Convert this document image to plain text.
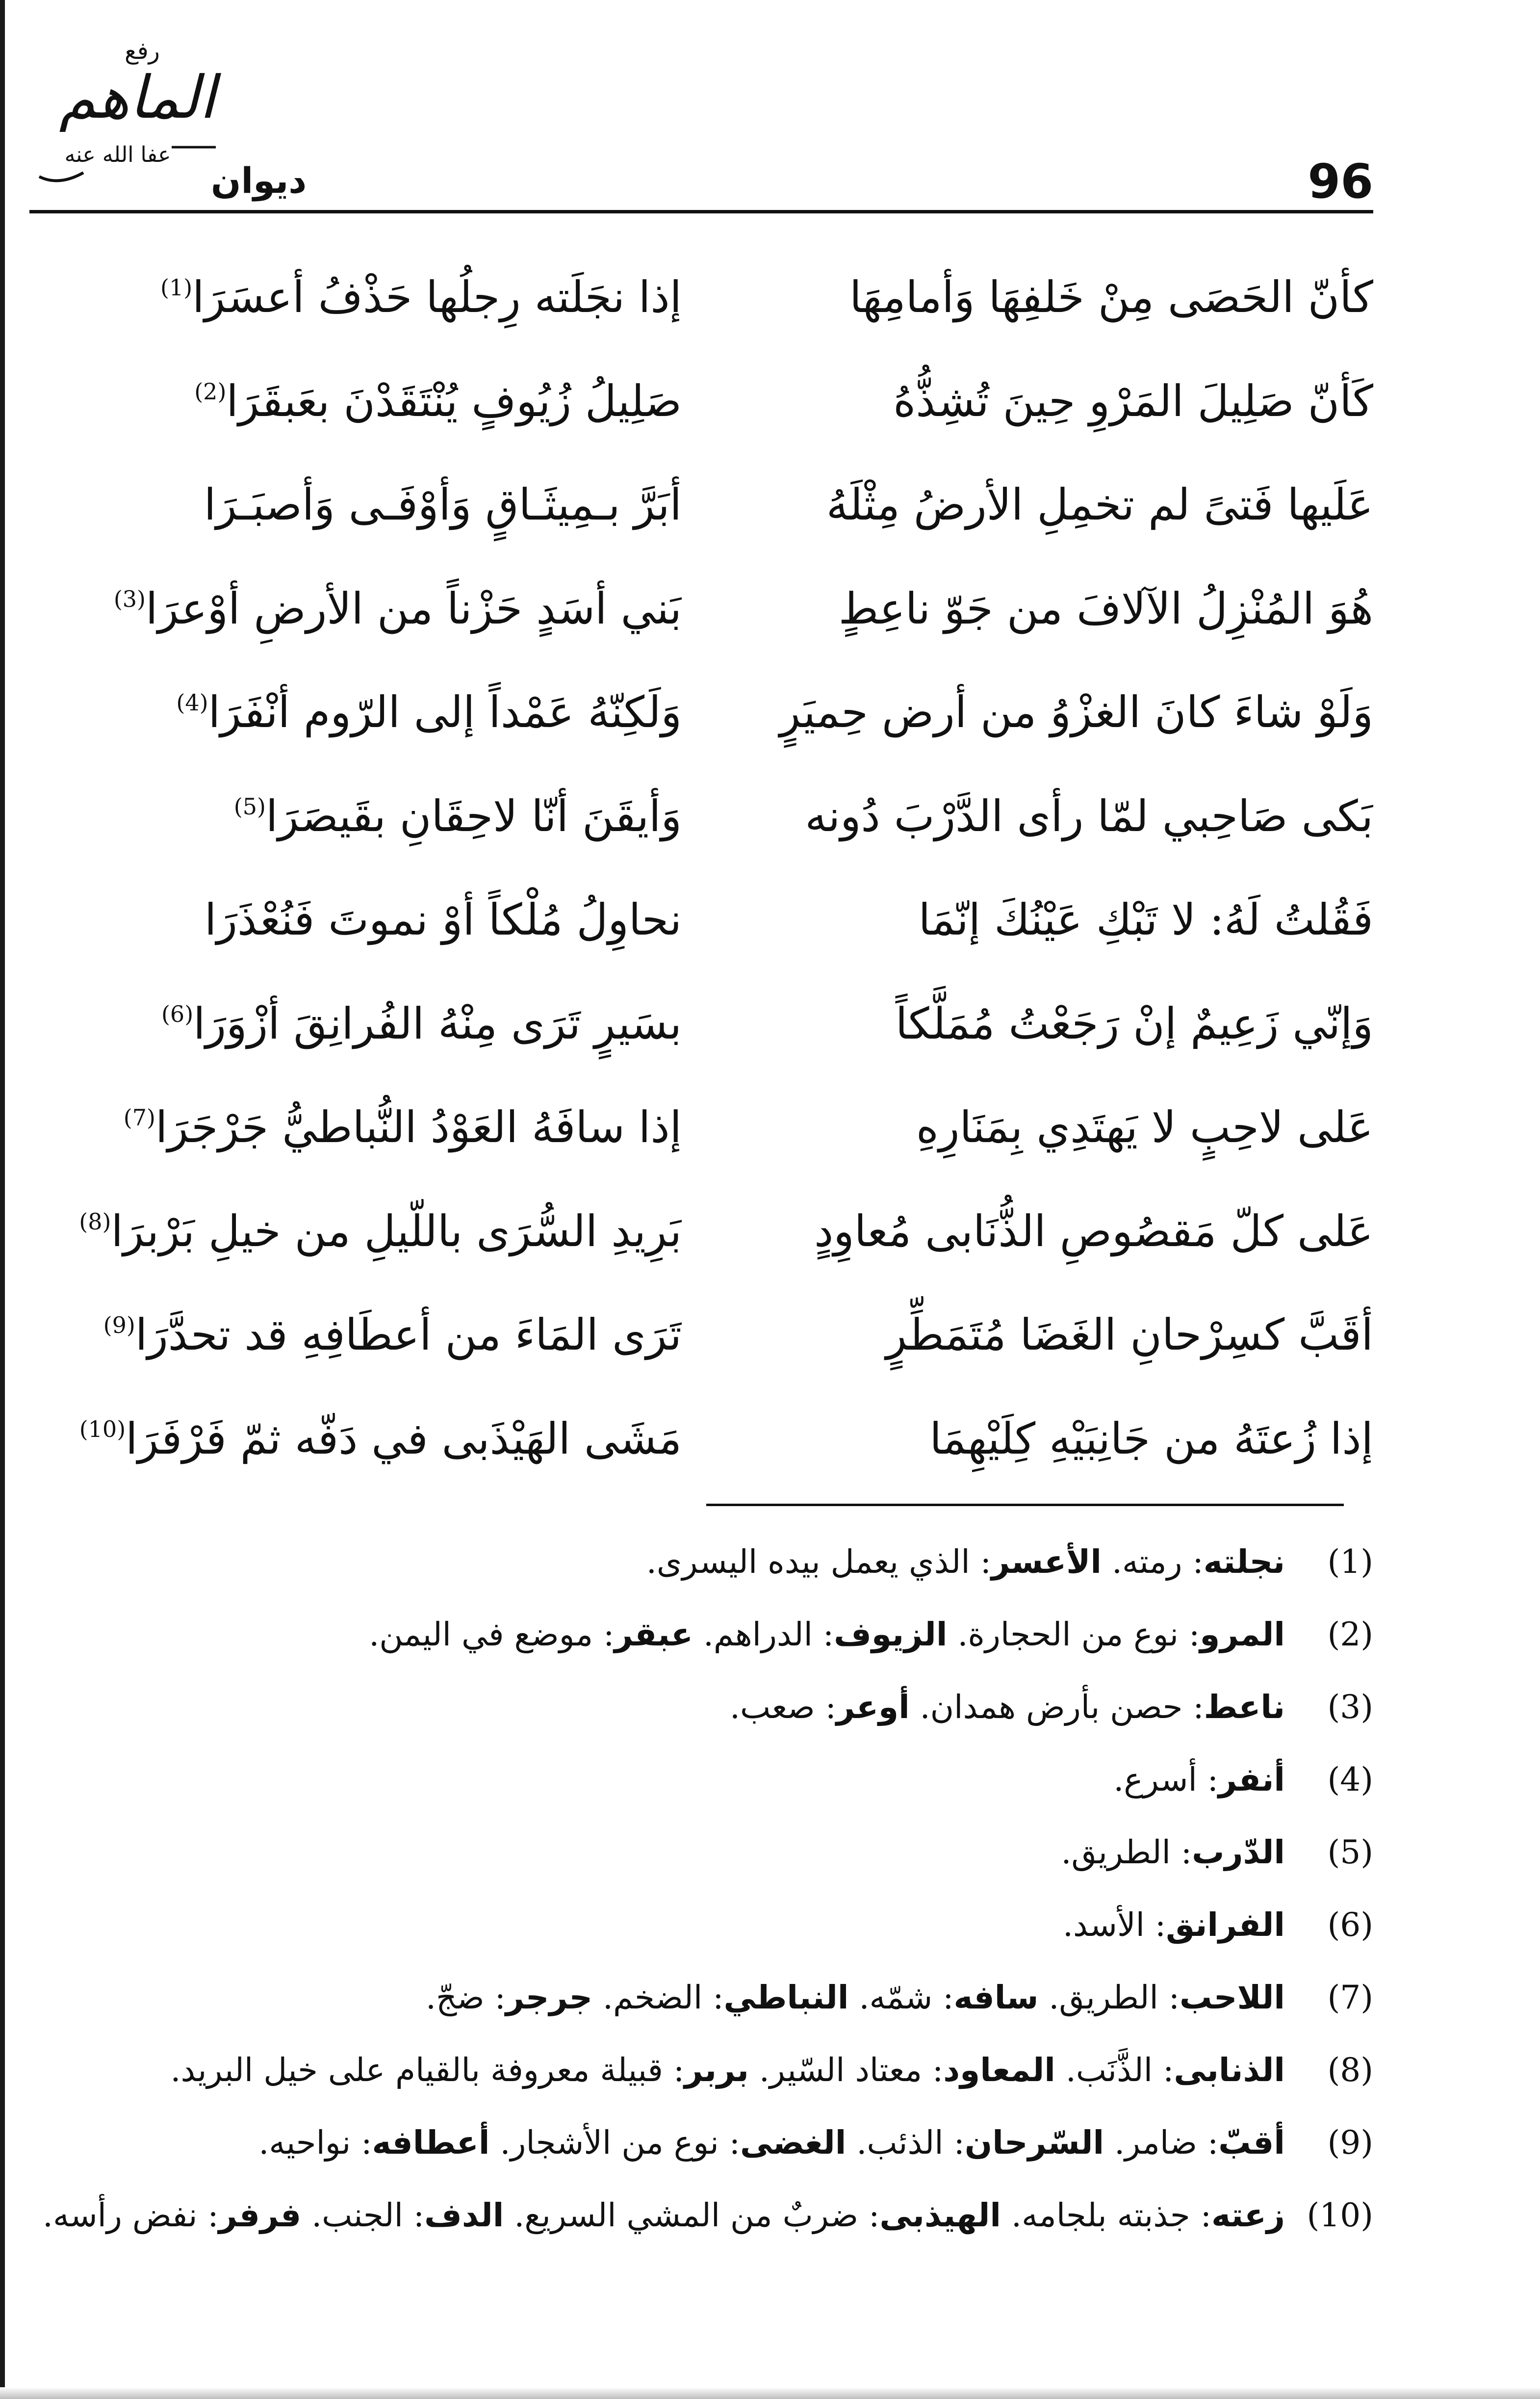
رفع
الماهم
عفا الله عنه
ديوان	96
كأنّ الحَصَى مِنْ خَلفِهَا وَأمامِهَا
إذا نجَلَته رِجلُها حَذْفُ أعسَرَا$^{(1)}$
كَأنّ صَلِيلَ المَرْوِ حِينَ تُشِذُّهُ
صَلِيلُ زُيُوفٍ يُنْتَقَدْنَ بعَبقَرَا$^{(2)}$
عَلَيها فَتىً لم تخمِلِ الأرضُ مِثْلَهُ
أبَرَّ بـمِيثَـاقٍ وَأوْفَـى وَأصبَـرَا
هُوَ المُنْزِلُ الآلافَ من جَوّ ناعِطٍ
بَني أسَدٍ حَزْناً من الأرضِ أوْعرَا$^{(3)}$
وَلَوْ شاءَ كانَ الغزْوُ من أرض حِميَرٍ
وَلَكِنّهُ عَمْداً إلى الرّوم أنْفَرَا$^{(4)}$
بَكى صَاحِبي لمّا رأى الدَّرْبَ دُونه
وَأيقَنَ أنّا لاحِقَانِ بقَيصَرَا$^{(5)}$
فَقُلتُ لَهُ: لا تَبْكِ عَيْنُكَ إنّمَا
نحاوِلُ مُلْكاً أوْ نموتَ فَنُعْذَرَا
وَإنّي زَعِيمٌ إنْ رَجَعْتُ مُمَلَّكاً
بسَيرٍ تَرَى مِنْهُ الفُرانِقَ أزْوَرَا$^{(6)}$
عَلى لاحِبٍ لا يَهتَدِي بِمَنَارِهِ
إذا سافَهُ العَوْدُ النُّباطيُّ جَرْجَرَا$^{(7)}$
عَلى كلّ مَقصُوصِ الذُّنَابى مُعاوِدٍ
بَرِيدِ السُّرَى باللّيلِ من خيلِ بَرْبرَا$^{(8)}$
أقَبَّ كسِرْحانِ الغَضَا مُتَمَطِّرٍ
تَرَى المَاءَ من أعطَافِهِ قد تحدَّرَا$^{(9)}$
إذا زُعتَهُ من جَانِبَيْهِ كِلَيْهِمَا
مَشَى الهَيْذَبى في دَفّه ثمّ فَرْفَرَا$^{(10)}$
(1)
نجلته: رمته. الأعسر: الذي يعمل بيده اليسرى.
(2)
المرو: نوع من الحجارة. الزيوف: الدراهم. عبقر: موضع في اليمن.
(3)
ناعط: حصن بأرض همدان. أوعر: صعب.
(4)
أنفر: أسرع.
(5)
الدّرب: الطريق.
(6)
الفرانق: الأسد.
(7)
اللاحب: الطريق. سافه: شمّه. النباطي: الضخم. جرجر: ضجّ.
(8)
الذنابى: الذَّنَب. المعاود: معتاد السّير. بربر: قبيلة معروفة بالقيام على خيل البريد.
(9)
أقبّ: ضامر. السّرحان: الذئب. الغضى: نوع من الأشجار. أعطافه: نواحيه.
(10)
زعته: جذبته بلجامه. الهيذبى: ضربٌ من المشي السريع. الدف: الجنب. فرفر: نفض رأسه.
